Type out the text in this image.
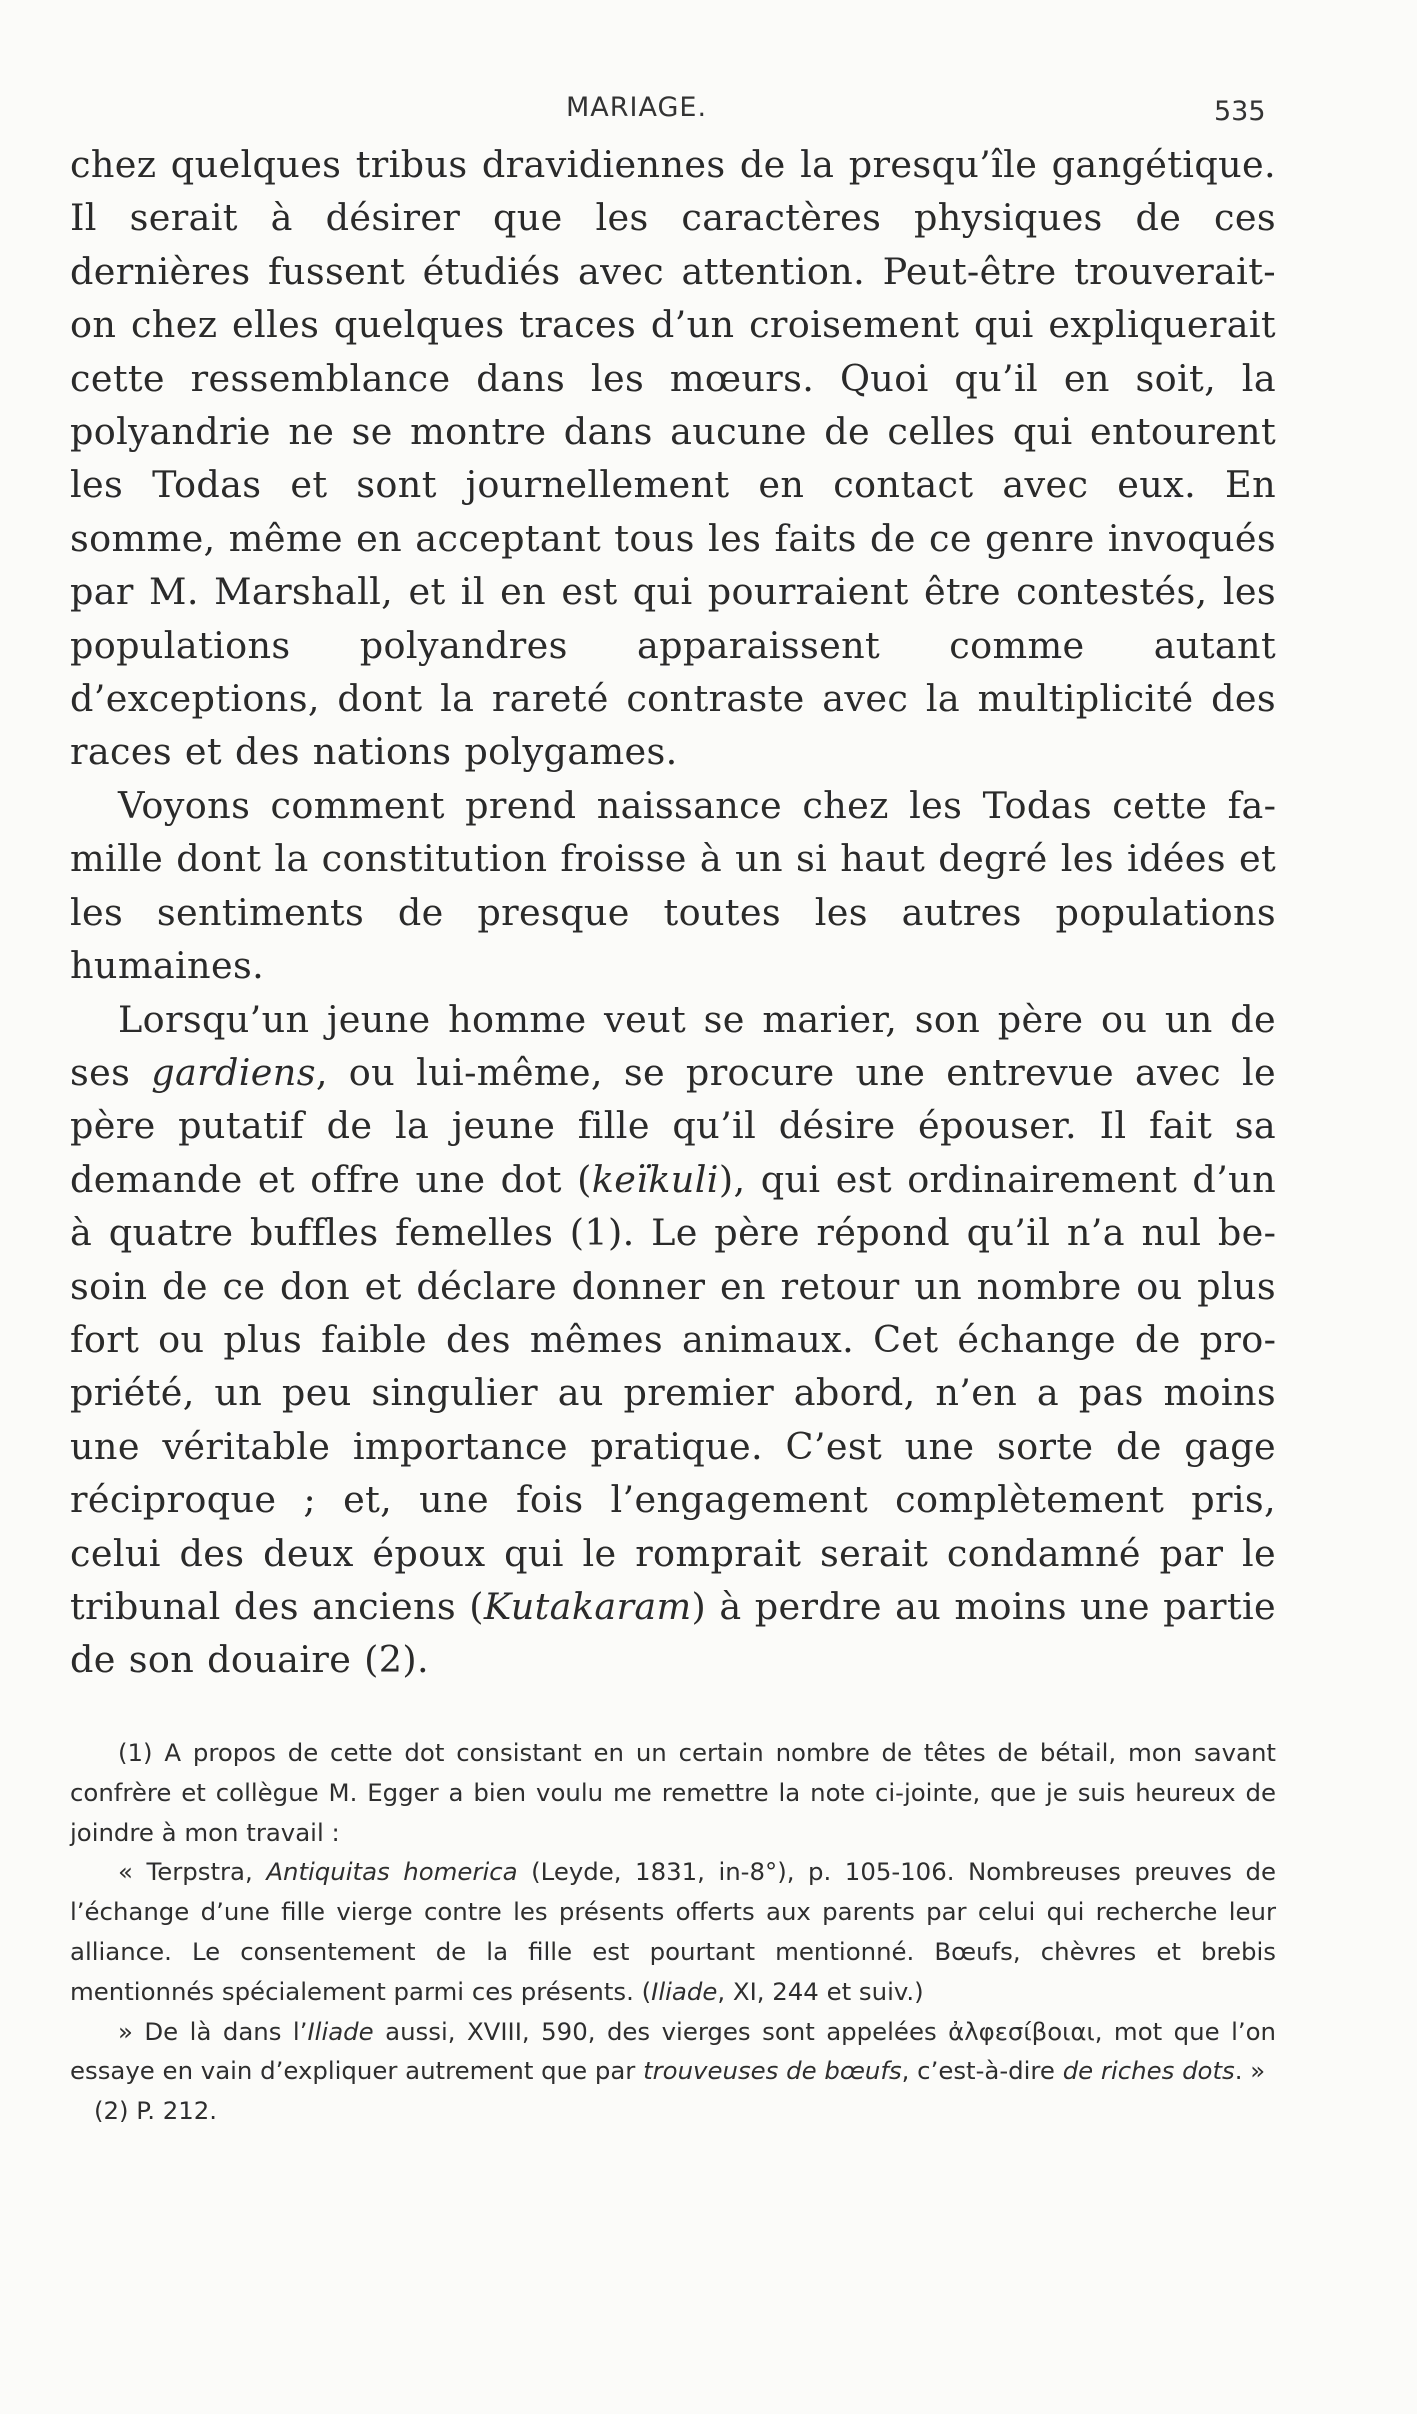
MARIAGE.	535

chez quelques tribus dravidiennes de la presqu’île gangétique. Il serait à désirer que les caractères physiques de ces dernières fussent étudiés avec attention. Peut-être trouverait-on chez elles quelques traces d’un croisement qui expliquerait cette ressemblance dans les mœurs. Quoi qu’il en soit, la polyandrie ne se montre dans aucune de celles qui entourent les Todas et sont journellement en contact avec eux. En somme, même en acceptant tous les faits de ce genre invoqués par M. Marshall, et il en est qui pourraient être contestés, les populations polyandres apparaissent comme autant d’exceptions, dont la rareté contraste avec la multiplicité des races et des nations polygames.

Voyons comment prend naissance chez les Todas cette famille dont la constitution froisse à un si haut degré les idées et les sentiments de presque toutes les autres populations humaines.

Lorsqu’un jeune homme veut se marier, son père ou un de ses gardiens, ou lui-même, se procure une entrevue avec le père putatif de la jeune fille qu’il désire épouser. Il fait sa demande et offre une dot (keïkuli), qui est ordinairement d’un à quatre buffles femelles (1). Le père répond qu’il n’a nul besoin de ce don et déclare donner en retour un nombre ou plus fort ou plus faible des mêmes animaux. Cet échange de propriété, un peu singulier au premier abord, n’en a pas moins une véritable importance pratique. C’est une sorte de gage réciproque ; et, une fois l’engagement complètement pris, celui des deux époux qui le romprait serait condamné par le tribunal des anciens (Kutakaram) à perdre au moins une partie de son douaire (2).

(1) A propos de cette dot consistant en un certain nombre de têtes de bétail, mon savant confrère et collègue M. Egger a bien voulu me remettre la note ci-jointe, que je suis heureux de joindre à mon travail :

« Terpstra, Antiquitas homerica (Leyde, 1831, in-8°), p. 105-106. Nombreuses preuves de l’échange d’une fille vierge contre les présents offerts aux parents par celui qui recherche leur alliance. Le consentement de la fille est pourtant mentionné. Bœufs, chèvres et brebis mentionnés spécialement parmi ces présents. (Iliade, XI, 244 et suiv.)

» De là dans l’Iliade aussi, XVIII, 590, des vierges sont appelées ἀλφεσίβοιαι, mot que l’on essaye en vain d’expliquer autrement que par trouveuses de bœufs, c’est-à-dire de riches dots. »

(2) P. 212.
